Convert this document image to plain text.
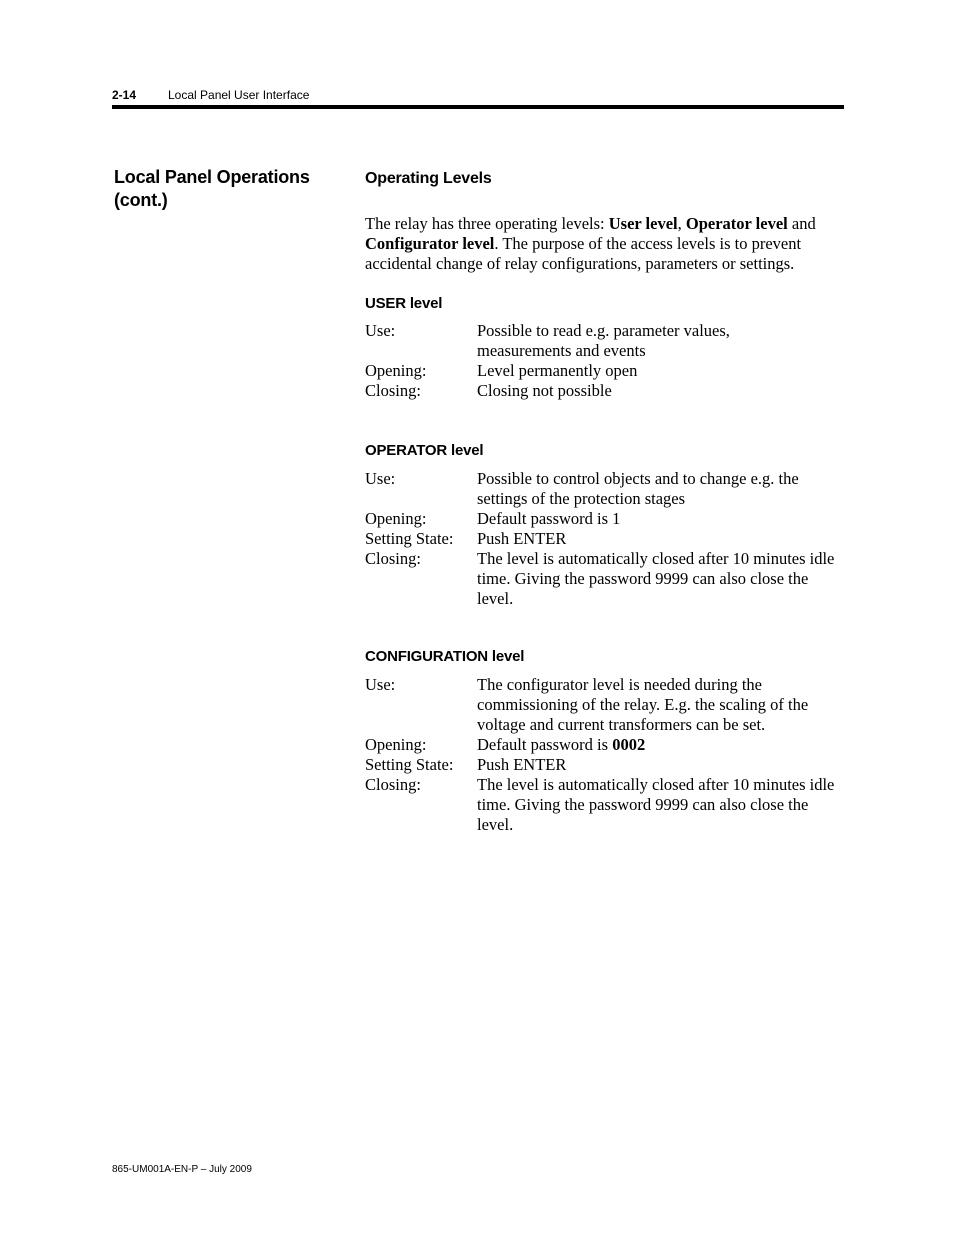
2-14	Local Panel User Interface
Local Panel Operations
(cont.)
Operating Levels
The relay has three operating levels: User level, Operator level and Configurator level. The purpose of the access levels is to prevent accidental change of relay configurations, parameters or settings.
USER level
Use:	Possible to read e.g. parameter values, measurements and events
Opening:	Level permanently open
Closing:	Closing not possible
OPERATOR level
Use:	Possible to control objects and to change e.g. the settings of the protection stages
Opening:	Default password is 1
Setting State:	Push ENTER
Closing:	The level is automatically closed after 10 minutes idle time. Giving the password 9999 can also close the level.
CONFIGURATION level
Use:	The configurator level is needed during the commissioning of the relay. E.g. the scaling of the voltage and current transformers can be set.
Opening:	Default password is 0002
Setting State:	Push ENTER
Closing:	The level is automatically closed after 10 minutes idle time. Giving the password 9999 can also close the level.
865-UM001A-EN-P – July 2009
